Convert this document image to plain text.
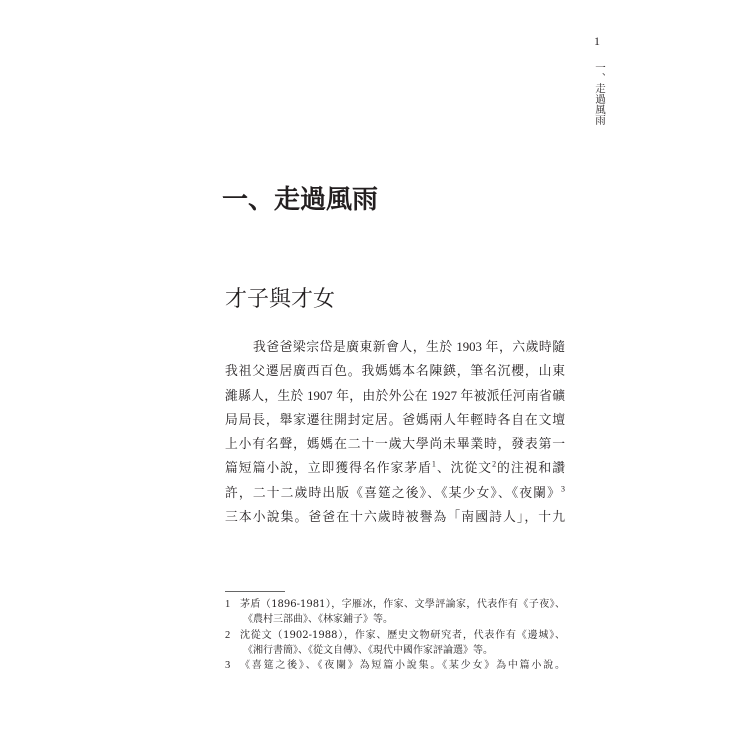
1
一、走過風雨
一、走過風雨
才子與才女
我爸爸梁宗岱是廣東新會人，生於 1903 年，六歲時隨
我祖父遷居廣西百色。我媽媽本名陳鍈，筆名沉櫻，山東
濰縣人，生於 1907 年，由於外公在 1927 年被派任河南省礦
局局長，舉家遷往開封定居。爸媽兩人年輕時各自在文壇
上小有名聲，媽媽在二十一歲大學尚未畢業時，發表第一
篇短篇小說，立即獲得名作家茅盾$^1$、沈從文$^2$的注視和讚
許，二十二歲時出版《喜筵之後》、《某少女》、《夜闌》$^3$
三本小說集。爸爸在十六歲時被譽為「南國詩人」，十九
1 茅盾（1896-1981），字雁冰，作家、文學評論家，代表作有《子夜》、
《農村三部曲》、《林家鋪子》等。
2 沈從文（1902-1988），作家、歷史文物研究者，代表作有《邊城》、
《湘行書簡》、《從文自傳》、《現代中國作家評論選》等。
3 《喜筵之後》、《夜闌》為短篇小說集。《某少女》為中篇小說。
